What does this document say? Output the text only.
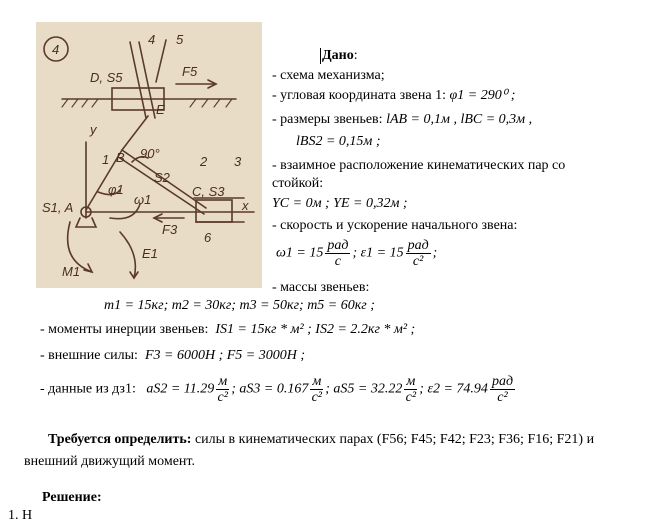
4
4 5
D, S5	F5
E
y
1 B 90°
φ1
S2
2 3
C, S3
x
S1, A
ω1
F3
6
M1
E1
Дано:
- схема механизма;
- угловая координата звена 1: φ1 = 290⁰ ;
- размеры звеньев: lAB = 0,1м , lBC = 0,3м ,
lBS2 = 0,15м ;
- взаимное расположение кинематических пар со
стойкой:
YC = 0м ; YE = 0,32м ;
- скорость и ускорение начального звена:
$\omega 1 = 15 \frac{\text{рад}}{c}$ ; $\varepsilon 1 = 15 \frac{\text{рад}}{\text{c²}}$ ;
- массы звеньев:
m1 = 15кг; m2 = 30кг; m3 = 50кг; m5 = 60кг ;
- моменты инерции звеньев: IS1 = 15кг * м² ; IS2 = 2.2кг * м² ;
- внешние силы: F3 = 6000H ; F5 = 3000H ;
- данные из дз1: $aS2 = 11.29 \frac{м}{\text{c²}}$ ; $aS3 = 0.167 \frac{м}{\text{c²}}$ ; $aS5 = 32.22 \frac{м}{\text{c²}}$ ; $\varepsilon 2 = 74.94 \frac{\text{рад}}{\text{c²}}$
Требуется определить: силы в кинематических парах (F56; F45; F42; F23; F36; F16; F21) и
внешний движущий момент.
Решение:
1. Н
